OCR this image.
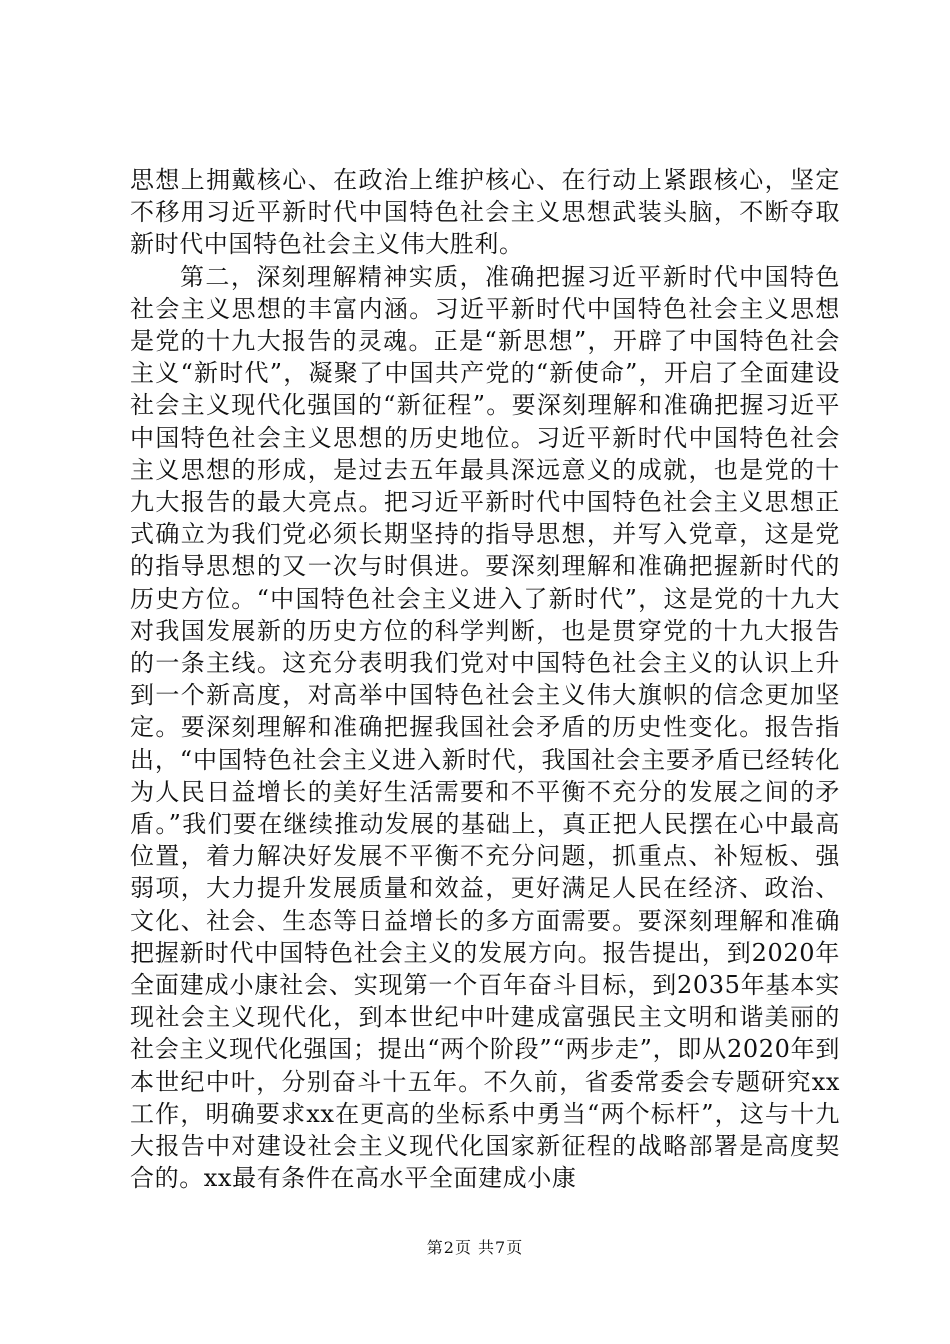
思想上拥戴核心、在政治上维护核心、在行动上紧跟核心，坚定不移用习近平新时代中国特色社会主义思想武装头脑，不断夺取新时代中国特色社会主义伟大胜利。

第二，深刻理解精神实质，准确把握习近平新时代中国特色社会主义思想的丰富内涵。习近平新时代中国特色社会主义思想是党的十九大报告的灵魂。正是“新思想”，开辟了中国特色社会主义“新时代”，凝聚了中国共产党的“新使命”，开启了全面建设社会主义现代化强国的“新征程”。要深刻理解和准确把握习近平中国特色社会主义思想的历史地位。习近平新时代中国特色社会主义思想的形成，是过去五年最具深远意义的成就，也是党的十九大报告的最大亮点。把习近平新时代中国特色社会主义思想正式确立为我们党必须长期坚持的指导思想，并写入党章，这是党的指导思想的又一次与时俱进。要深刻理解和准确把握新时代的历史方位。“中国特色社会主义进入了新时代”，这是党的十九大对我国发展新的历史方位的科学判断，也是贯穿党的十九大报告的一条主线。这充分表明我们党对中国特色社会主义的认识上升到一个新高度，对高举中国特色社会主义伟大旗帜的信念更加坚定。要深刻理解和准确把握我国社会矛盾的历史性变化。报告指出，“中国特色社会主义进入新时代，我国社会主要矛盾已经转化为人民日益增长的美好生活需要和不平衡不充分的发展之间的矛盾。”我们要在继续推动发展的基础上，真正把人民摆在心中最高位置，着力解决好发展不平衡不充分问题，抓重点、补短板、强弱项，大力提升发展质量和效益，更好满足人民在经济、政治、文化、社会、生态等日益增长的多方面需要。要深刻理解和准确把握新时代中国特色社会主义的发展方向。报告提出，到2020年全面建成小康社会、实现第一个百年奋斗目标，到2035年基本实现社会主义现代化，到本世纪中叶建成富强民主文明和谐美丽的社会主义现代化强国；提出“两个阶段”“两步走”，即从2020年到本世纪中叶，分别奋斗十五年。不久前，省委常委会专题研究xx工作，明确要求xx在更高的坐标系中勇当“两个标杆”，这与十九大报告中对建设社会主义现代化国家新征程的战略部署是高度契合的。xx最有条件在高水平全面建成小康

第2页 共7页
